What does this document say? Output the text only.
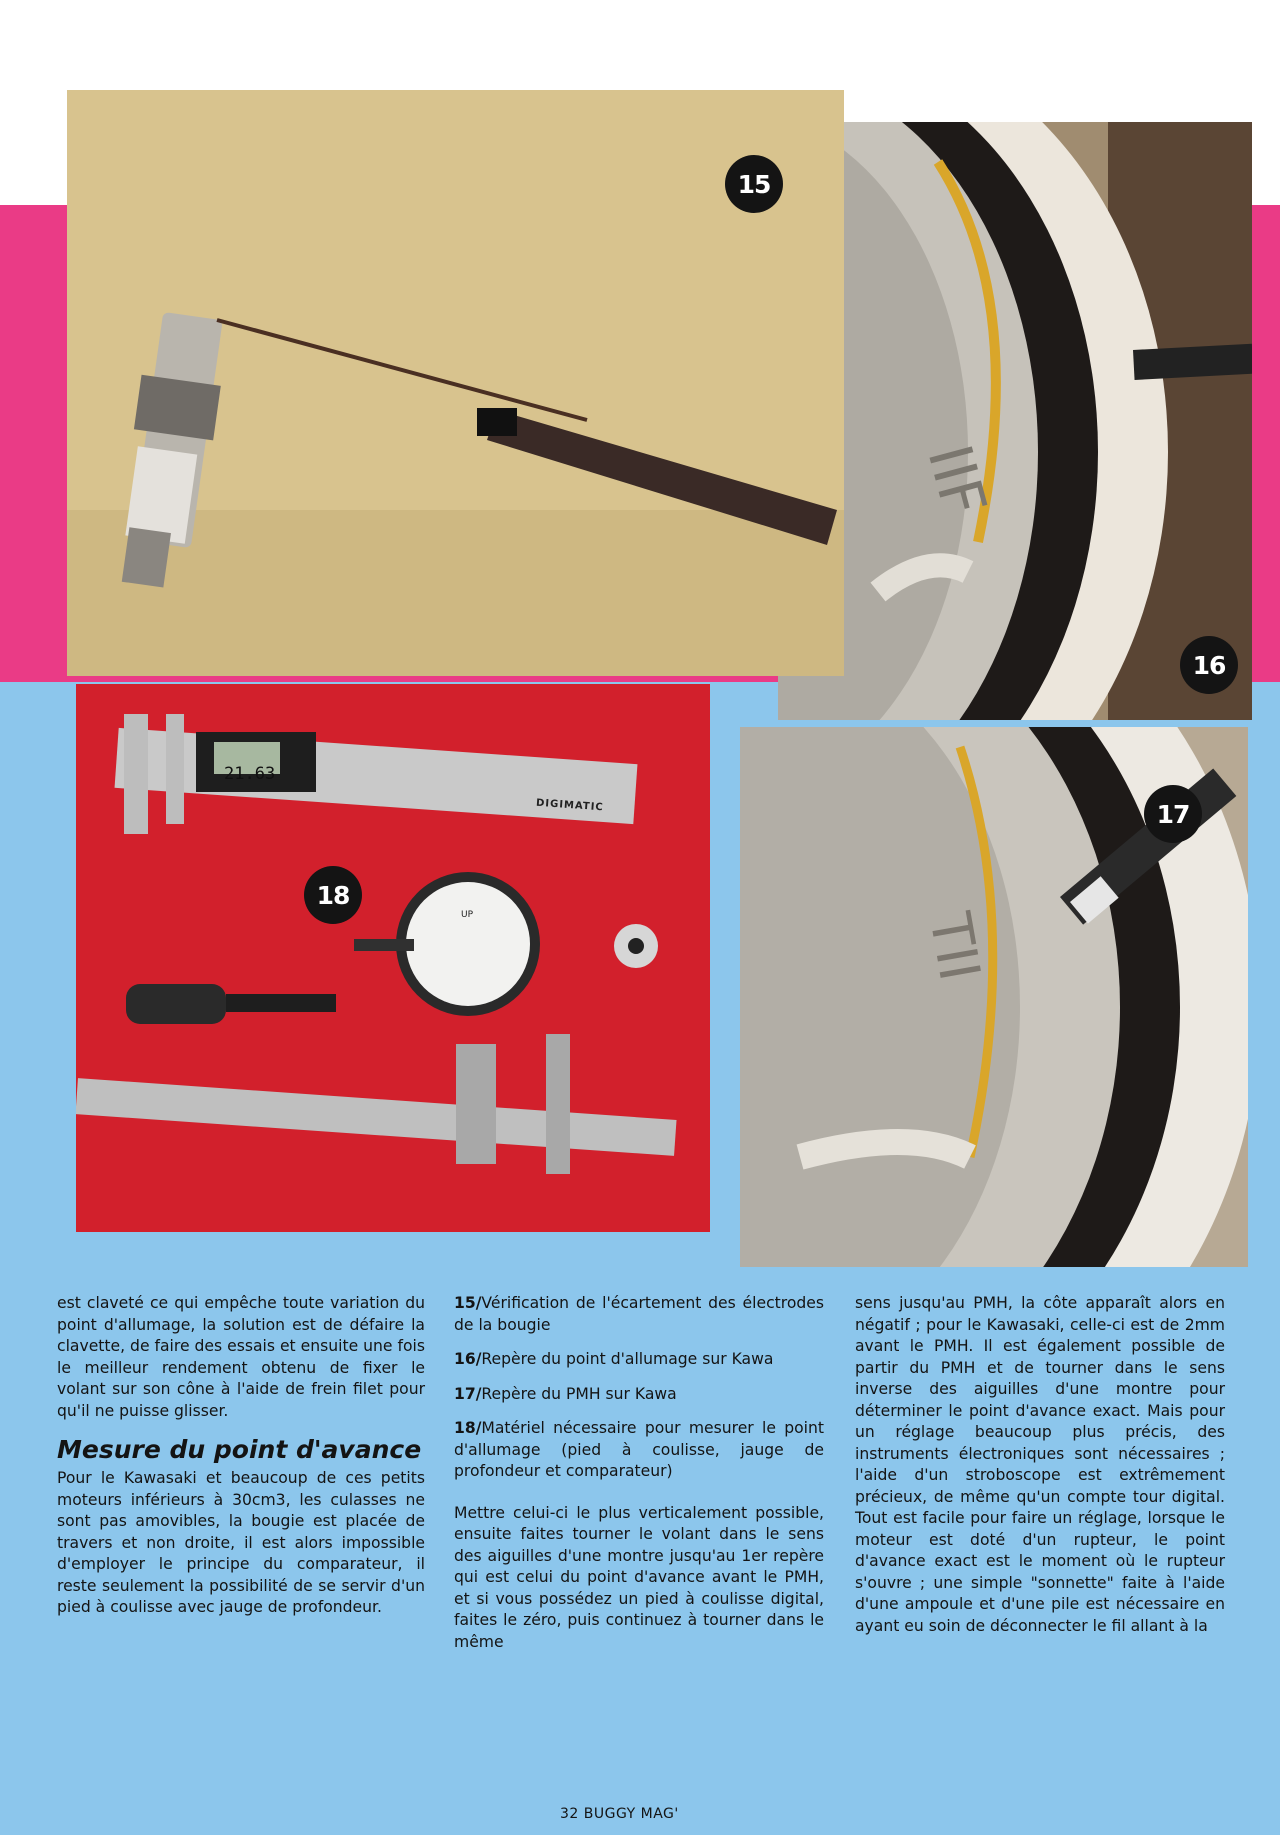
IIF
16
15
21.63
DIGIMATIC
UP
18
TII
17

est claveté ce qui empêche toute variation du point d'allumage, la solution est de défaire la clavette, de faire des essais et ensuite une fois le meilleur rendement obtenu de fixer le volant sur son cône à l'aide de frein filet pour qu'il ne puisse glisser.

Mesure du point d'avance

Pour le Kawasaki et beaucoup de ces petits moteurs inférieurs à 30cm3, les culasses ne sont pas amovibles, la bougie est placée de travers et non droite, il est alors impossible d'employer le principe du comparateur, il reste seulement la possibilité de se servir d'un pied à coulisse avec jauge de profondeur.

15/Vérification de l'écartement des électrodes de la bougie

16/Repère du point d'allumage sur Kawa

17/Repère du PMH sur Kawa

18/Matériel nécessaire pour mesurer le point d'allumage (pied à coulisse, jauge de profondeur et comparateur)

Mettre celui-ci le plus verticalement possible, ensuite faites tourner le volant dans le sens des aiguilles d'une montre jusqu'au 1er repère qui est celui du point d'avance avant le PMH, et si vous possédez un pied à coulisse digital, faites le zéro, puis continuez à tourner dans le même

sens jusqu'au PMH, la côte apparaît alors en négatif ; pour le Kawasaki, celle-ci est de 2mm avant le PMH. Il est également possible de partir du PMH et de tourner dans le sens inverse des aiguilles d'une montre pour déterminer le point d'avance exact. Mais pour un réglage beaucoup plus précis, des instruments électroniques sont nécessaires ; l'aide d'un stroboscope est extrêmement précieux, de même qu'un compte tour digital. Tout est facile pour faire un réglage, lorsque le moteur est doté d'un rupteur, le point d'avance exact est le moment où le rupteur s'ouvre ; une simple "sonnette" faite à l'aide d'une ampoule et d'une pile est nécessaire en ayant eu soin de déconnecter le fil allant à la

32 BUGGY MAG'
